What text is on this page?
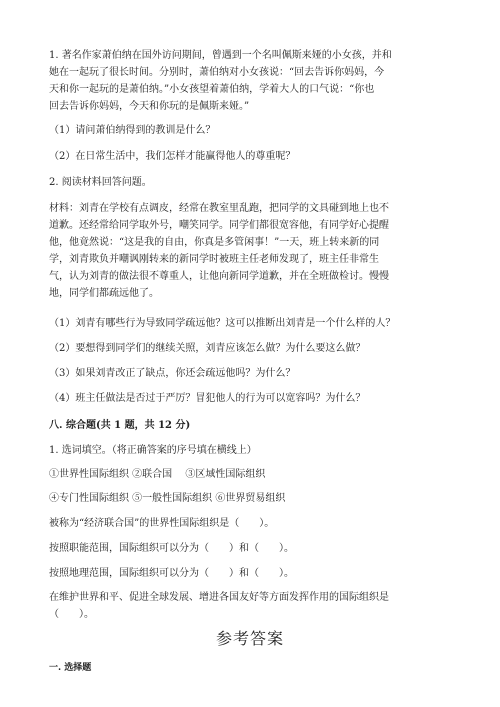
1. 著名作家萧伯纳在国外访问期间，曾遇到一个名叫佩斯来娅的小女孩，并和
她在一起玩了很长时间。分别时，萧伯纳对小女孩说：“回去告诉你妈妈，今
天和你一起玩的是萧伯纳。”小女孩望着萧伯纳，学着大人的口气说：“你也
回去告诉你妈妈，今天和你玩的是佩斯来娅。”
（1）请问萧伯纳得到的教训是什么？
（2）在日常生活中，我们怎样才能赢得他人的尊重呢？
2. 阅读材料回答问题。
材料：刘青在学校有点调皮，经常在教室里乱跑，把同学的文具碰到地上也不
道歉。还经常给同学取外号，嘲笑同学。同学们都很宽容他，有同学好心提醒
他，他竟然说：“这是我的自由，你真是多管闲事！”一天，班上转来新的同
学，刘青欺负并嘲讽刚转来的新同学时被班主任老师发现了，班主任非常生
气，认为刘青的做法很不尊重人，让他向新同学道歉，并在全班做检讨。慢慢
地，同学们都疏远他了。
（1）刘青有哪些行为导致同学疏远他？这可以推断出刘青是一个什么样的人？
（2）要想得到同学们的继续关照，刘青应该怎么做？为什么要这么做？
（3）如果刘青改正了缺点，你还会疏远他吗？为什么？
（4）班主任做法是否过于严厉？冒犯他人的行为可以宽容吗？为什么？
八. 综合题(共 1 题，共 12 分)
1. 选词填空。（将正确答案的序号填在横线上）
①世界性国际组织 ②联合国　 ③区域性国际组织
④专门性国际组织 ⑤一般性国际组织 ⑥世界贸易组织
被称为“经济联合国”的世界性国际组织是（　　）。
按照职能范围，国际组织可以分为（　　）和（　　）。
按照地理范围，国际组织可以分为（　　）和（　　）。
在维护世界和平、促进全球发展、增进各国友好等方面发挥作用的国际组织是
（　　）。
参考答案
一. 选择题
